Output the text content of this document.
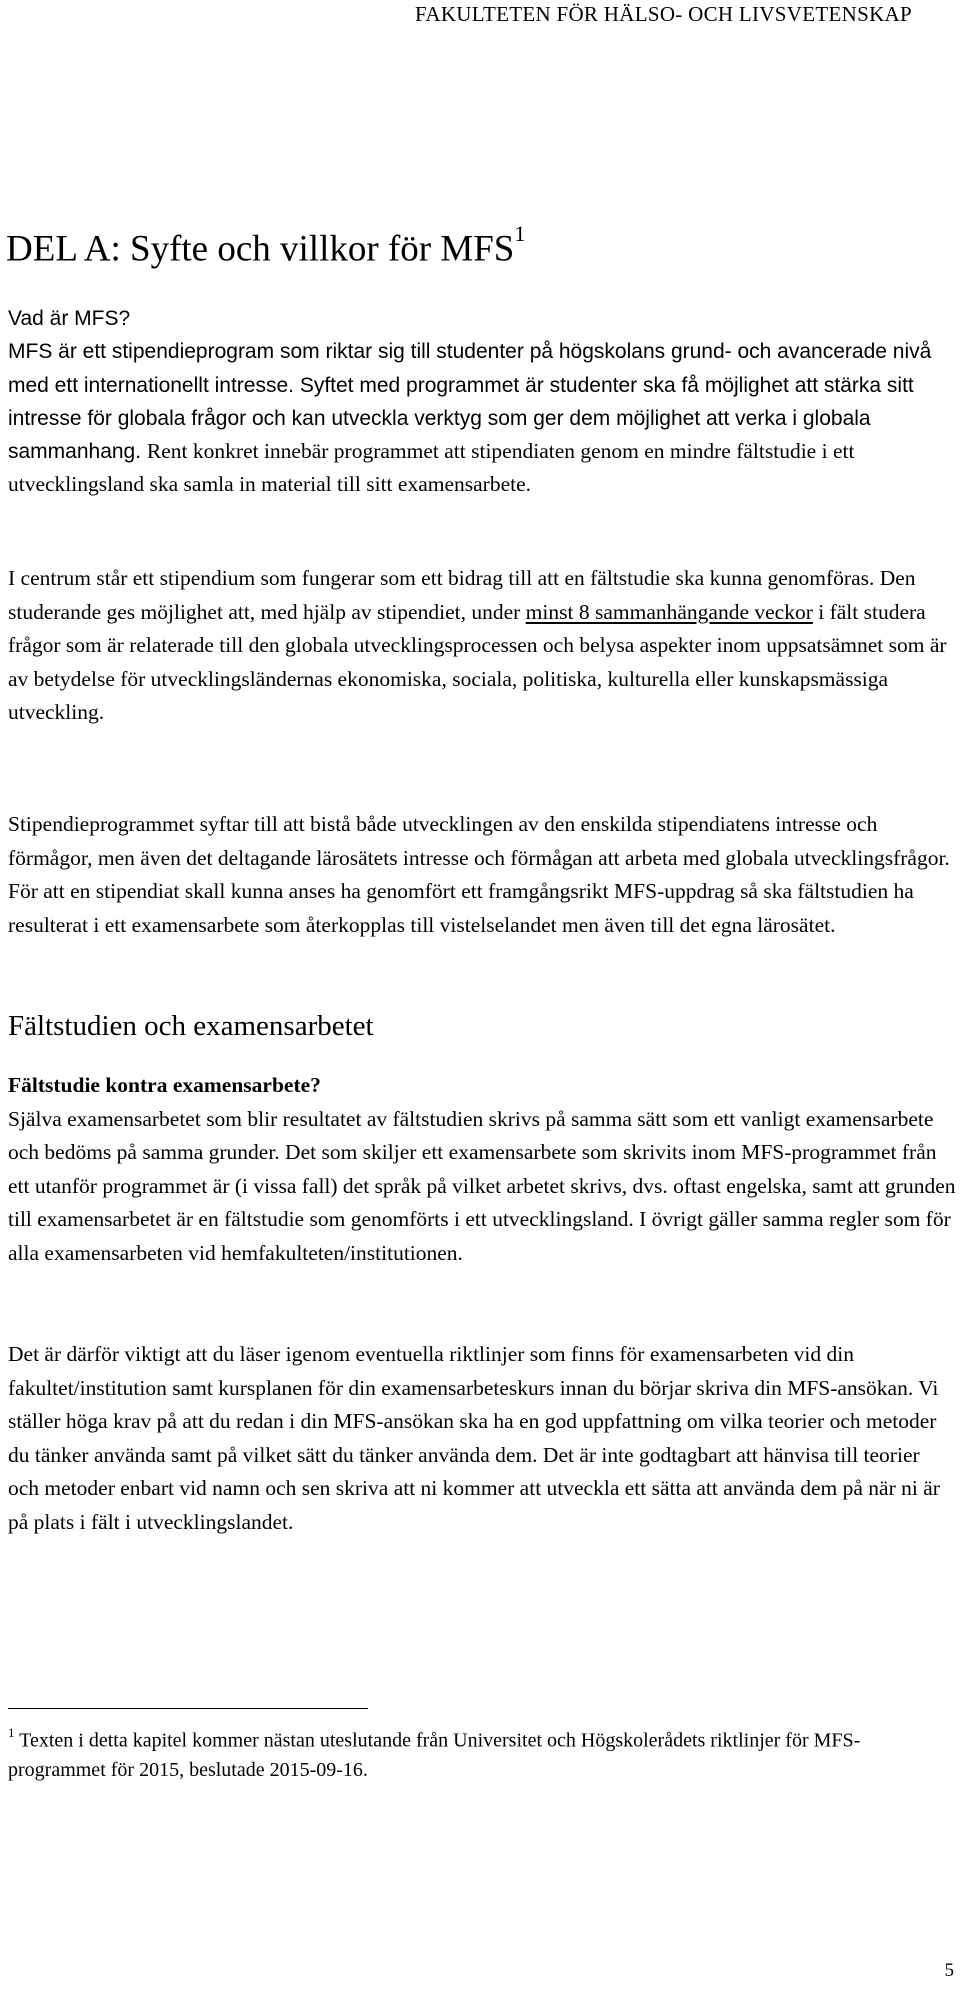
FAKULTETEN FÖR HÄLSO- OCH LIVSVETENSKAP
DEL A: Syfte och villkor för MFS$^1$
Vad är MFS?
MFS är ett stipendieprogram som riktar sig till studenter på högskolans grund- och avancerade nivå med ett internationellt intresse. Syftet med programmet är studenter ska få möjlighet att stärka sitt intresse för globala frågor och kan utveckla verktyg som ger dem möjlighet att verka i globala sammanhang. Rent konkret innebär programmet att stipendiaten genom en mindre fältstudie i ett utvecklingsland ska samla in material till sitt examensarbete.

I centrum står ett stipendium som fungerar som ett bidrag till att en fältstudie ska kunna genomföras. Den studerande ges möjlighet att, med hjälp av stipendiet, under minst 8 sammanhängande veckor i fält studera frågor som är relaterade till den globala utvecklingsprocessen och belysa aspekter inom uppsatsämnet som är av betydelse för utvecklingsländernas ekonomiska, sociala, politiska, kulturella eller kunskapsmässiga utveckling.

Stipendieprogrammet syftar till att bistå både utvecklingen av den enskilda stipendiatens intresse och förmågor, men även det deltagande lärosätets intresse och förmågan att arbeta med globala utvecklingsfrågor. För att en stipendiat skall kunna anses ha genomfört ett framgångsrikt MFS-uppdrag så ska fältstudien ha resulterat i ett examensarbete som återkopplas till vistelselandet men även till det egna lärosätet.

Fältstudien och examensarbetet
Fältstudie kontra examensarbete?
Själva examensarbetet som blir resultatet av fältstudien skrivs på samma sätt som ett vanligt examensarbete och bedöms på samma grunder. Det som skiljer ett examensarbete som skrivits inom MFS-programmet från ett utanför programmet är (i vissa fall) det språk på vilket arbetet skrivs, dvs. oftast engelska, samt att grunden till examensarbetet är en fältstudie som genomförts i ett utvecklingsland. I övrigt gäller samma regler som för alla examensarbeten vid hemfakulteten/institutionen.

Det är därför viktigt att du läser igenom eventuella riktlinjer som finns för examensarbeten vid din fakultet/institution samt kursplanen för din examensarbeteskurs innan du börjar skriva din MFS-ansökan. Vi ställer höga krav på att du redan i din MFS-ansökan ska ha en god uppfattning om vilka teorier och metoder du tänker använda samt på vilket sätt du tänker använda dem. Det är inte godtagbart att hänvisa till teorier och metoder enbart vid namn och sen skriva att ni kommer att utveckla ett sätta att använda dem på när ni är på plats i fält i utvecklingslandet.

$^1$ Texten i detta kapitel kommer nästan uteslutande från Universitet och Högskolerådets riktlinjer för MFS-programmet för 2015, beslutade 2015-09-16.

5
